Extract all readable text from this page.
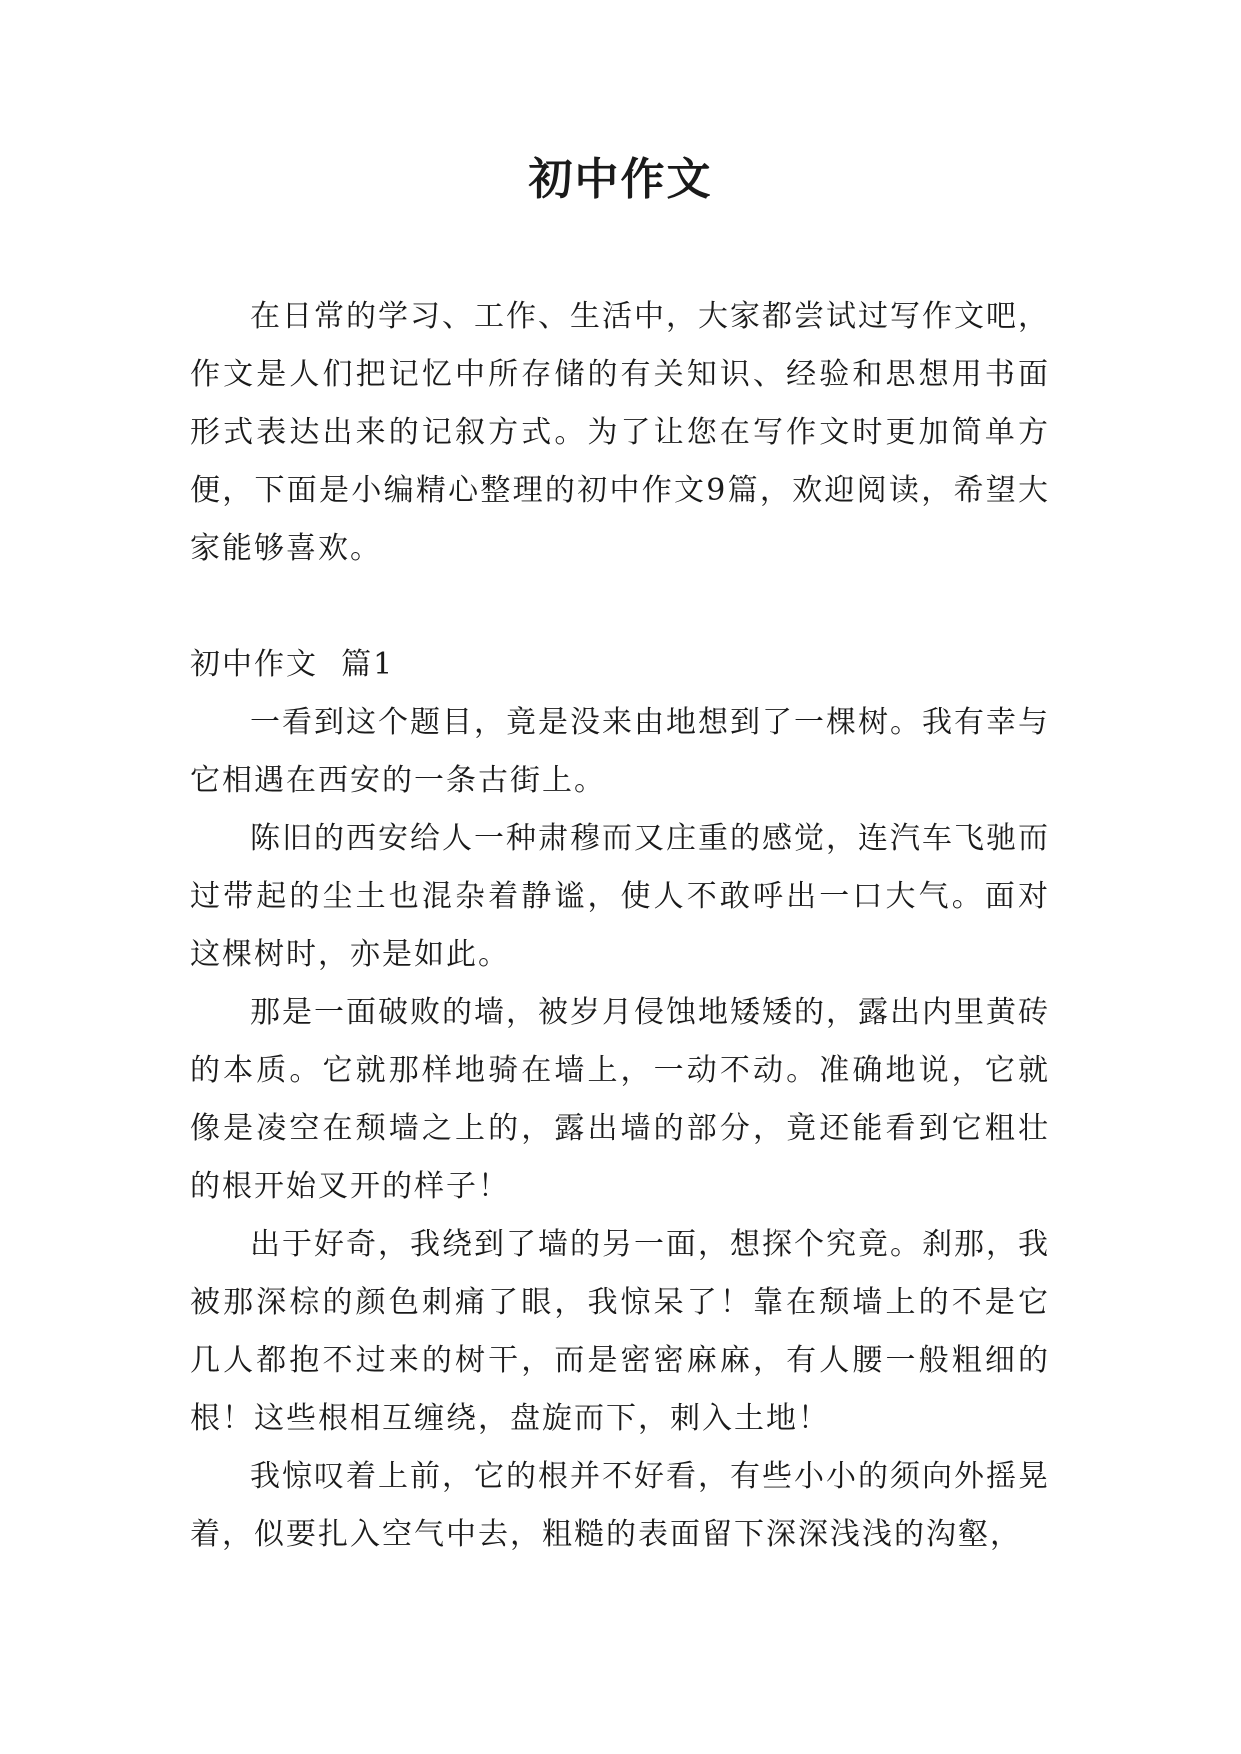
初中作文

在日常的学习、工作、生活中，大家都尝试过写作文吧，作文是人们把记忆中所存储的有关知识、经验和思想用书面形式表达出来的记叙方式。为了让您在写作文时更加简单方便，下面是小编精心整理的初中作文9篇，欢迎阅读，希望大家能够喜欢。

初中作文  篇1

一看到这个题目，竟是没来由地想到了一棵树。我有幸与它相遇在西安的一条古街上。

陈旧的西安给人一种肃穆而又庄重的感觉，连汽车飞驰而过带起的尘土也混杂着静谧，使人不敢呼出一口大气。面对这棵树时，亦是如此。

那是一面破败的墙，被岁月侵蚀地矮矮的，露出内里黄砖的本质。它就那样地骑在墙上，一动不动。准确地说，它就像是凌空在颓墙之上的，露出墙的部分，竟还能看到它粗壮的根开始叉开的样子！

出于好奇，我绕到了墙的另一面，想探个究竟。刹那，我被那深棕的颜色刺痛了眼，我惊呆了！靠在颓墙上的不是它几人都抱不过来的树干，而是密密麻麻，有人腰一般粗细的根！这些根相互缠绕，盘旋而下，刺入土地！

我惊叹着上前，它的根并不好看，有些小小的须向外摇晃着，似要扎入空气中去，粗糙的表面留下深深浅浅的沟壑，
